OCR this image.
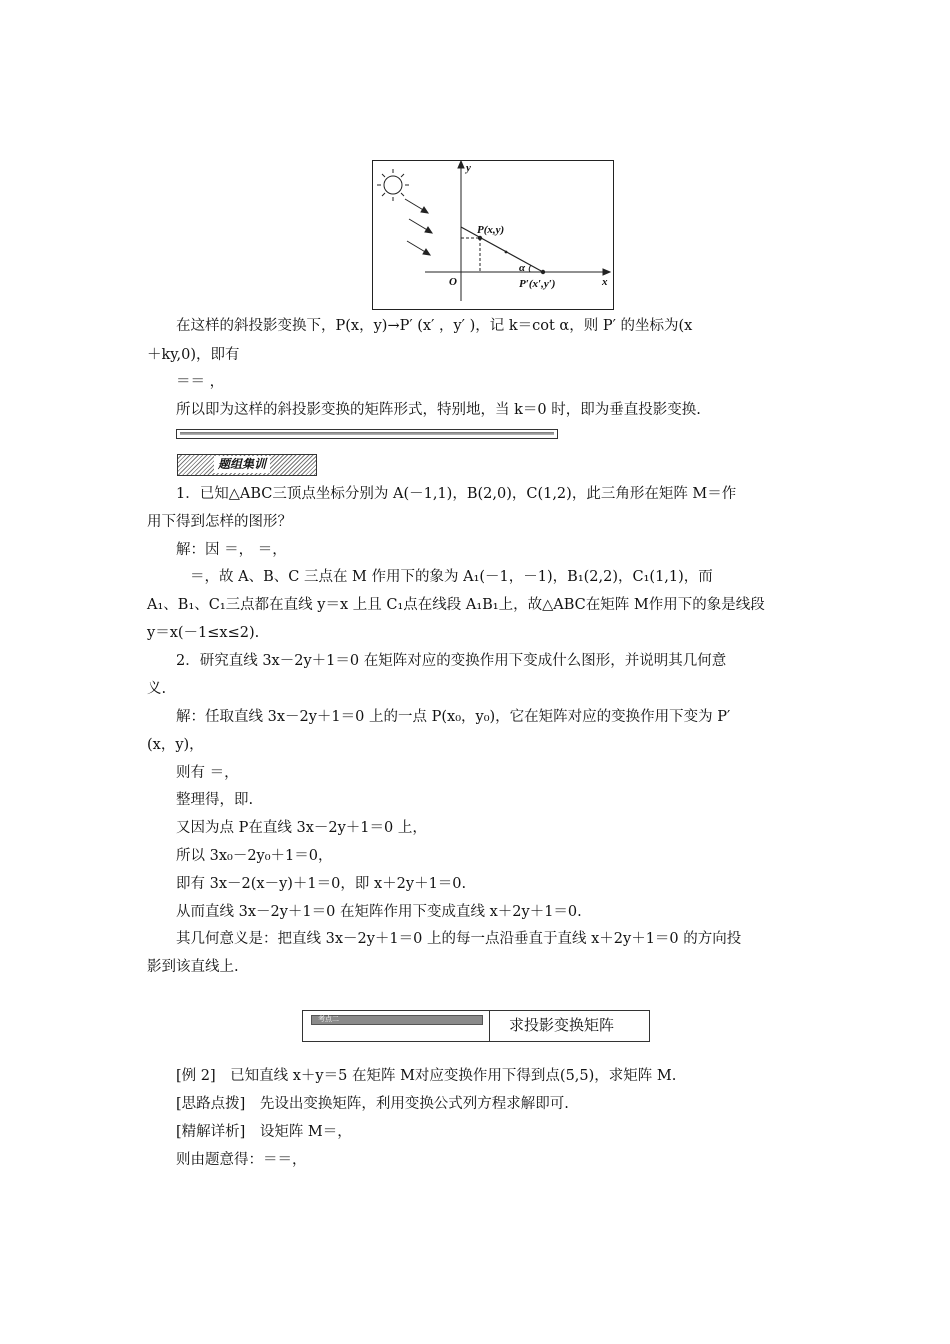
y
x
O
P(x,y)
α
P′(x′,y′)
在这样的斜投影变换下，P(x，y)→P′ (x′ ，y′ )，记 k＝cot α，则 P′ 的坐标为(x
＋ky,0)，即有
＝＝ ，
所以即为这样的斜投影变换的矩阵形式，特别地，当 k＝0 时，即为垂直投影变换.
题组集训
1．已知△ABC三顶点坐标分别为 A(－1,1)，B(2,0)，C(1,2)，此三角形在矩阵 M＝作
用下得到怎样的图形？
解：因 ＝， ＝，
＝，故 A、B、C 三点在 M 作用下的象为 A₁(－1，－1)，B₁(2,2)，C₁(1,1)，而
A₁、B₁、C₁三点都在直线 y＝x 上且 C₁点在线段 A₁B₁上，故△ABC在矩阵 M作用下的象是线段
y＝x(－1≤x≤2).
2．研究直线 3x－2y＋1＝0 在矩阵对应的变换作用下变成什么图形，并说明其几何意
义.
解：任取直线 3x－2y＋1＝0 上的一点 P(x₀，y₀)，它在矩阵对应的变换作用下变为 P′
(x，y)，
则有 ＝，
整理得，即.
又因为点 P在直线 3x－2y＋1＝0 上，
所以 3x₀－2y₀＋1＝0，
即有 3x－2(x－y)＋1＝0，即 x＋2y＋1＝0.
从而直线 3x－2y＋1＝0 在矩阵作用下变成直线 x＋2y＋1＝0.
其几何意义是：把直线 3x－2y＋1＝0 上的每一点沿垂直于直线 x＋2y＋1＝0 的方向投
影到该直线上.
考点二	求投影变换矩阵
[例 2]　已知直线 x＋y＝5 在矩阵 M对应变换作用下得到点(5,5)，求矩阵 M.
[思路点拨]　先设出变换矩阵，利用变换公式列方程求解即可.
[精解详析]　设矩阵 M＝，
则由题意得：＝＝，
